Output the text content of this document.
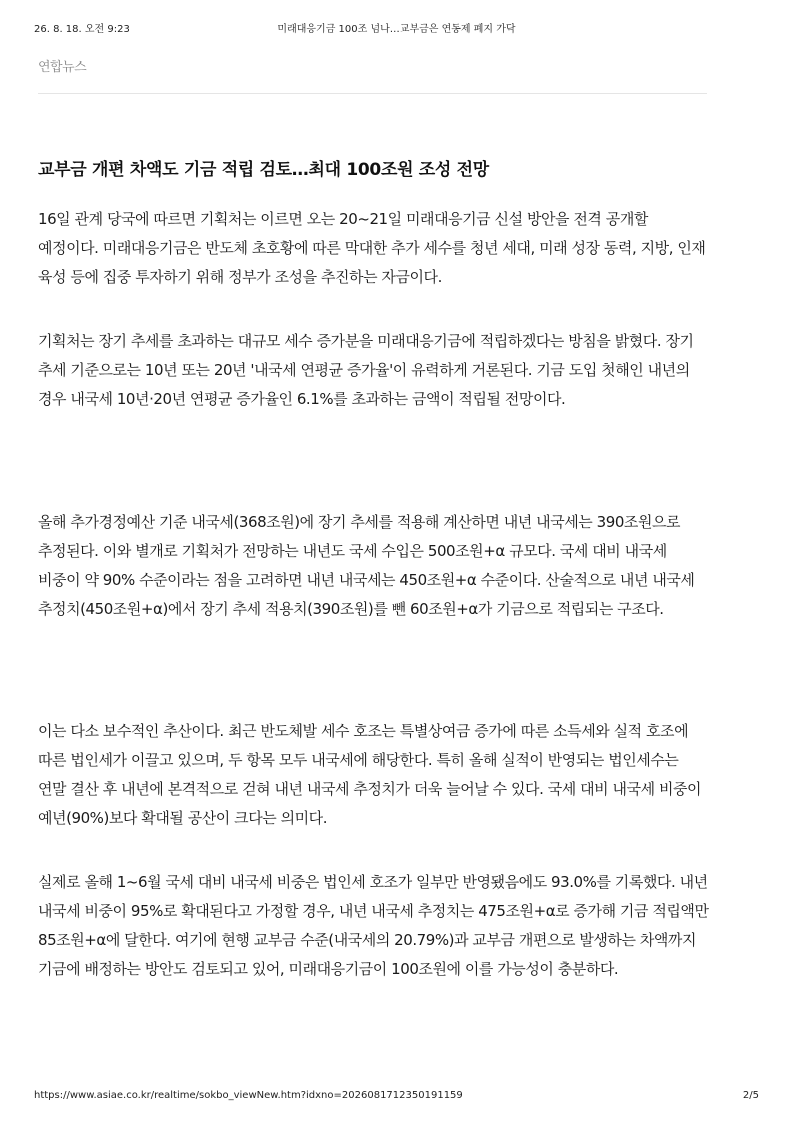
26. 8. 18. 오전 9:23	미래대응기금 100조 넘나…교부금은 연동제 폐지 가닥
연합뉴스
교부금 개편 차액도 기금 적립 검토…최대 100조원 조성 전망

16일 관계 당국에 따르면 기획처는 이르면 오는 20~21일 미래대응기금 신설 방안을 전격 공개할 예정이다. 미래대응기금은 반도체 초호황에 따른 막대한 추가 세수를 청년 세대, 미래 성장 동력, 지방, 인재 육성 등에 집중 투자하기 위해 정부가 조성을 추진하는 자금이다.

기획처는 장기 추세를 초과하는 대규모 세수 증가분을 미래대응기금에 적립하겠다는 방침을 밝혔다. 장기 추세 기준으로는 10년 또는 20년 '내국세 연평균 증가율'이 유력하게 거론된다. 기금 도입 첫해인 내년의 경우 내국세 10년·20년 연평균 증가율인 6.1%를 초과하는 금액이 적립될 전망이다.

올해 추가경정예산 기준 내국세(368조원)에 장기 추세를 적용해 계산하면 내년 내국세는 390조원으로 추정된다. 이와 별개로 기획처가 전망하는 내년도 국세 수입은 500조원+α 규모다. 국세 대비 내국세 비중이 약 90% 수준이라는 점을 고려하면 내년 내국세는 450조원+α 수준이다. 산술적으로 내년 내국세 추정치(450조원+α)에서 장기 추세 적용치(390조원)를 뺀 60조원+α가 기금으로 적립되는 구조다.

이는 다소 보수적인 추산이다. 최근 반도체발 세수 호조는 특별상여금 증가에 따른 소득세와 실적 호조에 따른 법인세가 이끌고 있으며, 두 항목 모두 내국세에 해당한다. 특히 올해 실적이 반영되는 법인세수는 연말 결산 후 내년에 본격적으로 걷혀 내년 내국세 추정치가 더욱 늘어날 수 있다. 국세 대비 내국세 비중이 예년(90%)보다 확대될 공산이 크다는 의미다.

실제로 올해 1~6월 국세 대비 내국세 비중은 법인세 호조가 일부만 반영됐음에도 93.0%를 기록했다. 내년 내국세 비중이 95%로 확대된다고 가정할 경우, 내년 내국세 추정치는 475조원+α로 증가해 기금 적립액만 85조원+α에 달한다. 여기에 현행 교부금 수준(내국세의 20.79%)과 교부금 개편으로 발생하는 차액까지 기금에 배정하는 방안도 검토되고 있어, 미래대응기금이 100조원에 이를 가능성이 충분하다.

https://www.asiae.co.kr/realtime/sokbo_viewNew.htm?idxno=2026081712350191159	2/5
